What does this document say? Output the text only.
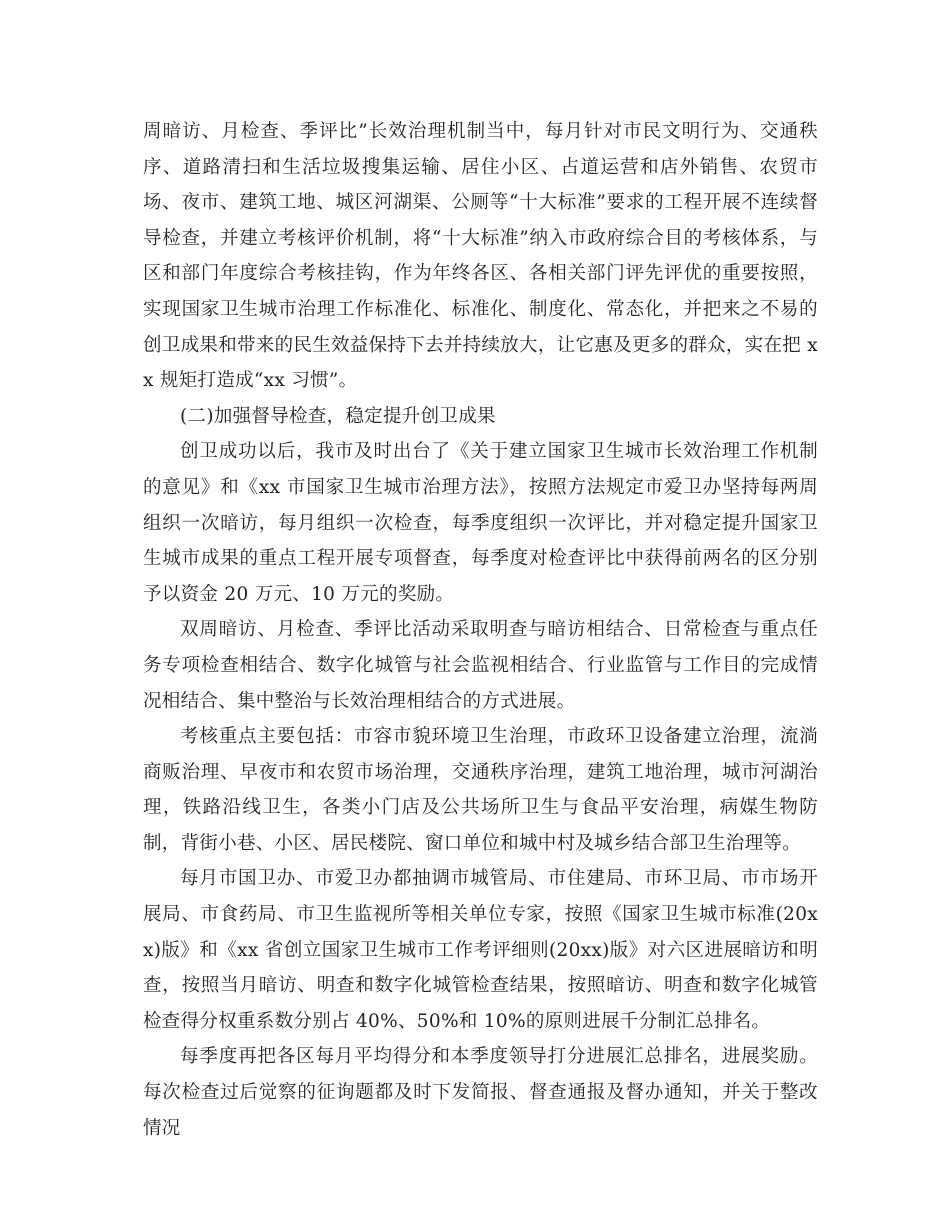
周暗访、月检查、季评比”长效治理机制当中，每月针对市民文明行为、交通秩序、道路清扫和生活垃圾搜集运输、居住小区、占道运营和店外销售、农贸市场、夜市、建筑工地、城区河湖渠、公厕等“十大标准”要求的工程开展不连续督导检查，并建立考核评价机制，将“十大标准”纳入市政府综合目的考核体系，与区和部门年度综合考核挂钩，作为年终各区、各相关部门评先评优的重要按照，实现国家卫生城市治理工作标准化、标准化、制度化、常态化，并把来之不易的创卫成果和带来的民生效益保持下去并持续放大，让它惠及更多的群众，实在把 xx 规矩打造成“xx 习惯”。

(二)加强督导检查，稳定提升创卫成果

创卫成功以后，我市及时出台了《关于建立国家卫生城市长效治理工作机制的意见》和《xx 市国家卫生城市治理方法》，按照方法规定市爱卫办坚持每两周组织一次暗访，每月组织一次检查，每季度组织一次评比，并对稳定提升国家卫生城市成果的重点工程开展专项督查，每季度对检查评比中获得前两名的区分别予以资金 20 万元、10 万元的奖励。

双周暗访、月检查、季评比活动采取明查与暗访相结合、日常检查与重点任务专项检查相结合、数字化城管与社会监视相结合、行业监管与工作目的完成情况相结合、集中整治与长效治理相结合的方式进展。

考核重点主要包括：市容市貌环境卫生治理，市政环卫设备建立治理，流淌商贩治理、早夜市和农贸市场治理，交通秩序治理，建筑工地治理，城市河湖治理，铁路沿线卫生，各类小门店及公共场所卫生与食品平安治理，病媒生物防制，背街小巷、小区、居民楼院、窗口单位和城中村及城乡结合部卫生治理等。

每月市国卫办、市爱卫办都抽调市城管局、市住建局、市环卫局、市市场开展局、市食药局、市卫生监视所等相关单位专家，按照《国家卫生城市标准(20xx)版》和《xx 省创立国家卫生城市工作考评细则(20xx)版》对六区进展暗访和明查，按照当月暗访、明查和数字化城管检查结果，按照暗访、明查和数字化城管检查得分权重系数分别占 40%、50%和 10%的原则进展千分制汇总排名。

每季度再把各区每月平均得分和本季度领导打分进展汇总排名，进展奖励。每次检查过后觉察的征询题都及时下发简报、督查通报及督办通知，并关于整改情况
